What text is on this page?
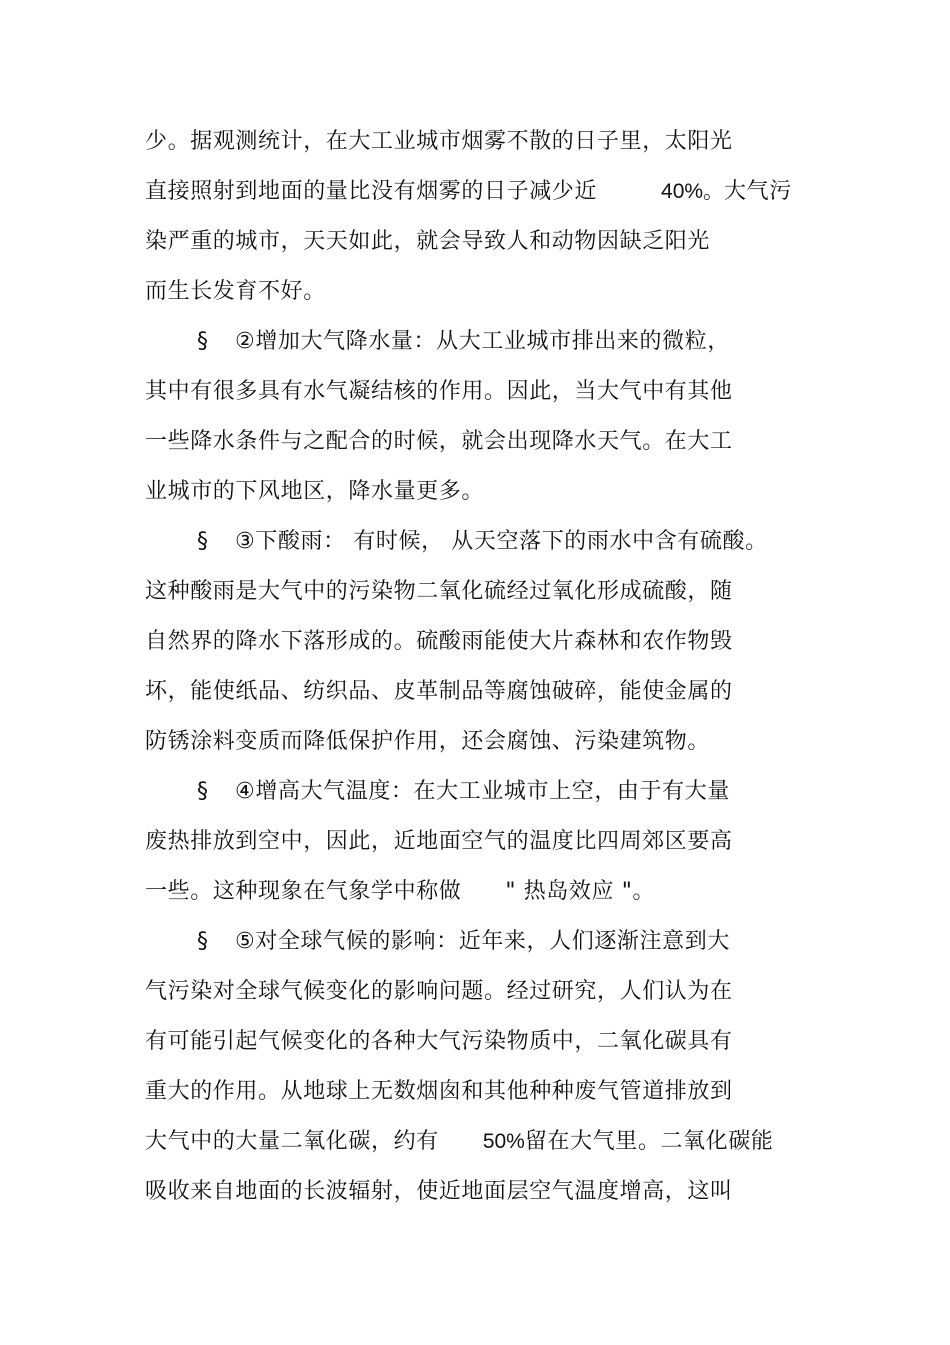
少。据观测统计，在大工业城市烟雾不散的日子里，太阳光
直接照射到地面的量比没有烟雾的日子减少近	40%。大气污
染严重的城市，天天如此，就会导致人和动物因缺乏阳光
而生长发育不好。
§ ②增加大气降水量：从大工业城市排出来的微粒，
其中有很多具有水气凝结核的作用。因此，当大气中有其他
一些降水条件与之配合的时候，就会出现降水天气。在大工
业城市的下风地区，降水量更多。
§ ③下酸雨： 有时候， 从天空落下的雨水中含有硫酸。
这种酸雨是大气中的污染物二氧化硫经过氧化形成硫酸，随
自然界的降水下落形成的。硫酸雨能使大片森林和农作物毁
坏，能使纸品、纺织品、皮革制品等腐蚀破碎，能使金属的
防锈涂料变质而降低保护作用，还会腐蚀、污染建筑物。
§ ④增高大气温度：在大工业城市上空，由于有大量
废热排放到空中，因此，近地面空气的温度比四周郊区要高
一些。这种现象在气象学中称做 " 热岛效应 "。
§ ⑤对全球气候的影响：近年来，人们逐渐注意到大
气污染对全球气候变化的影响问题。经过研究，人们认为在
有可能引起气候变化的各种大气污染物质中，二氧化碳具有
重大的作用。从地球上无数烟囱和其他种种废气管道排放到
大气中的大量二氧化碳，约有 50%留在大气里。二氧化碳能
吸收来自地面的长波辐射，使近地面层空气温度增高，这叫
